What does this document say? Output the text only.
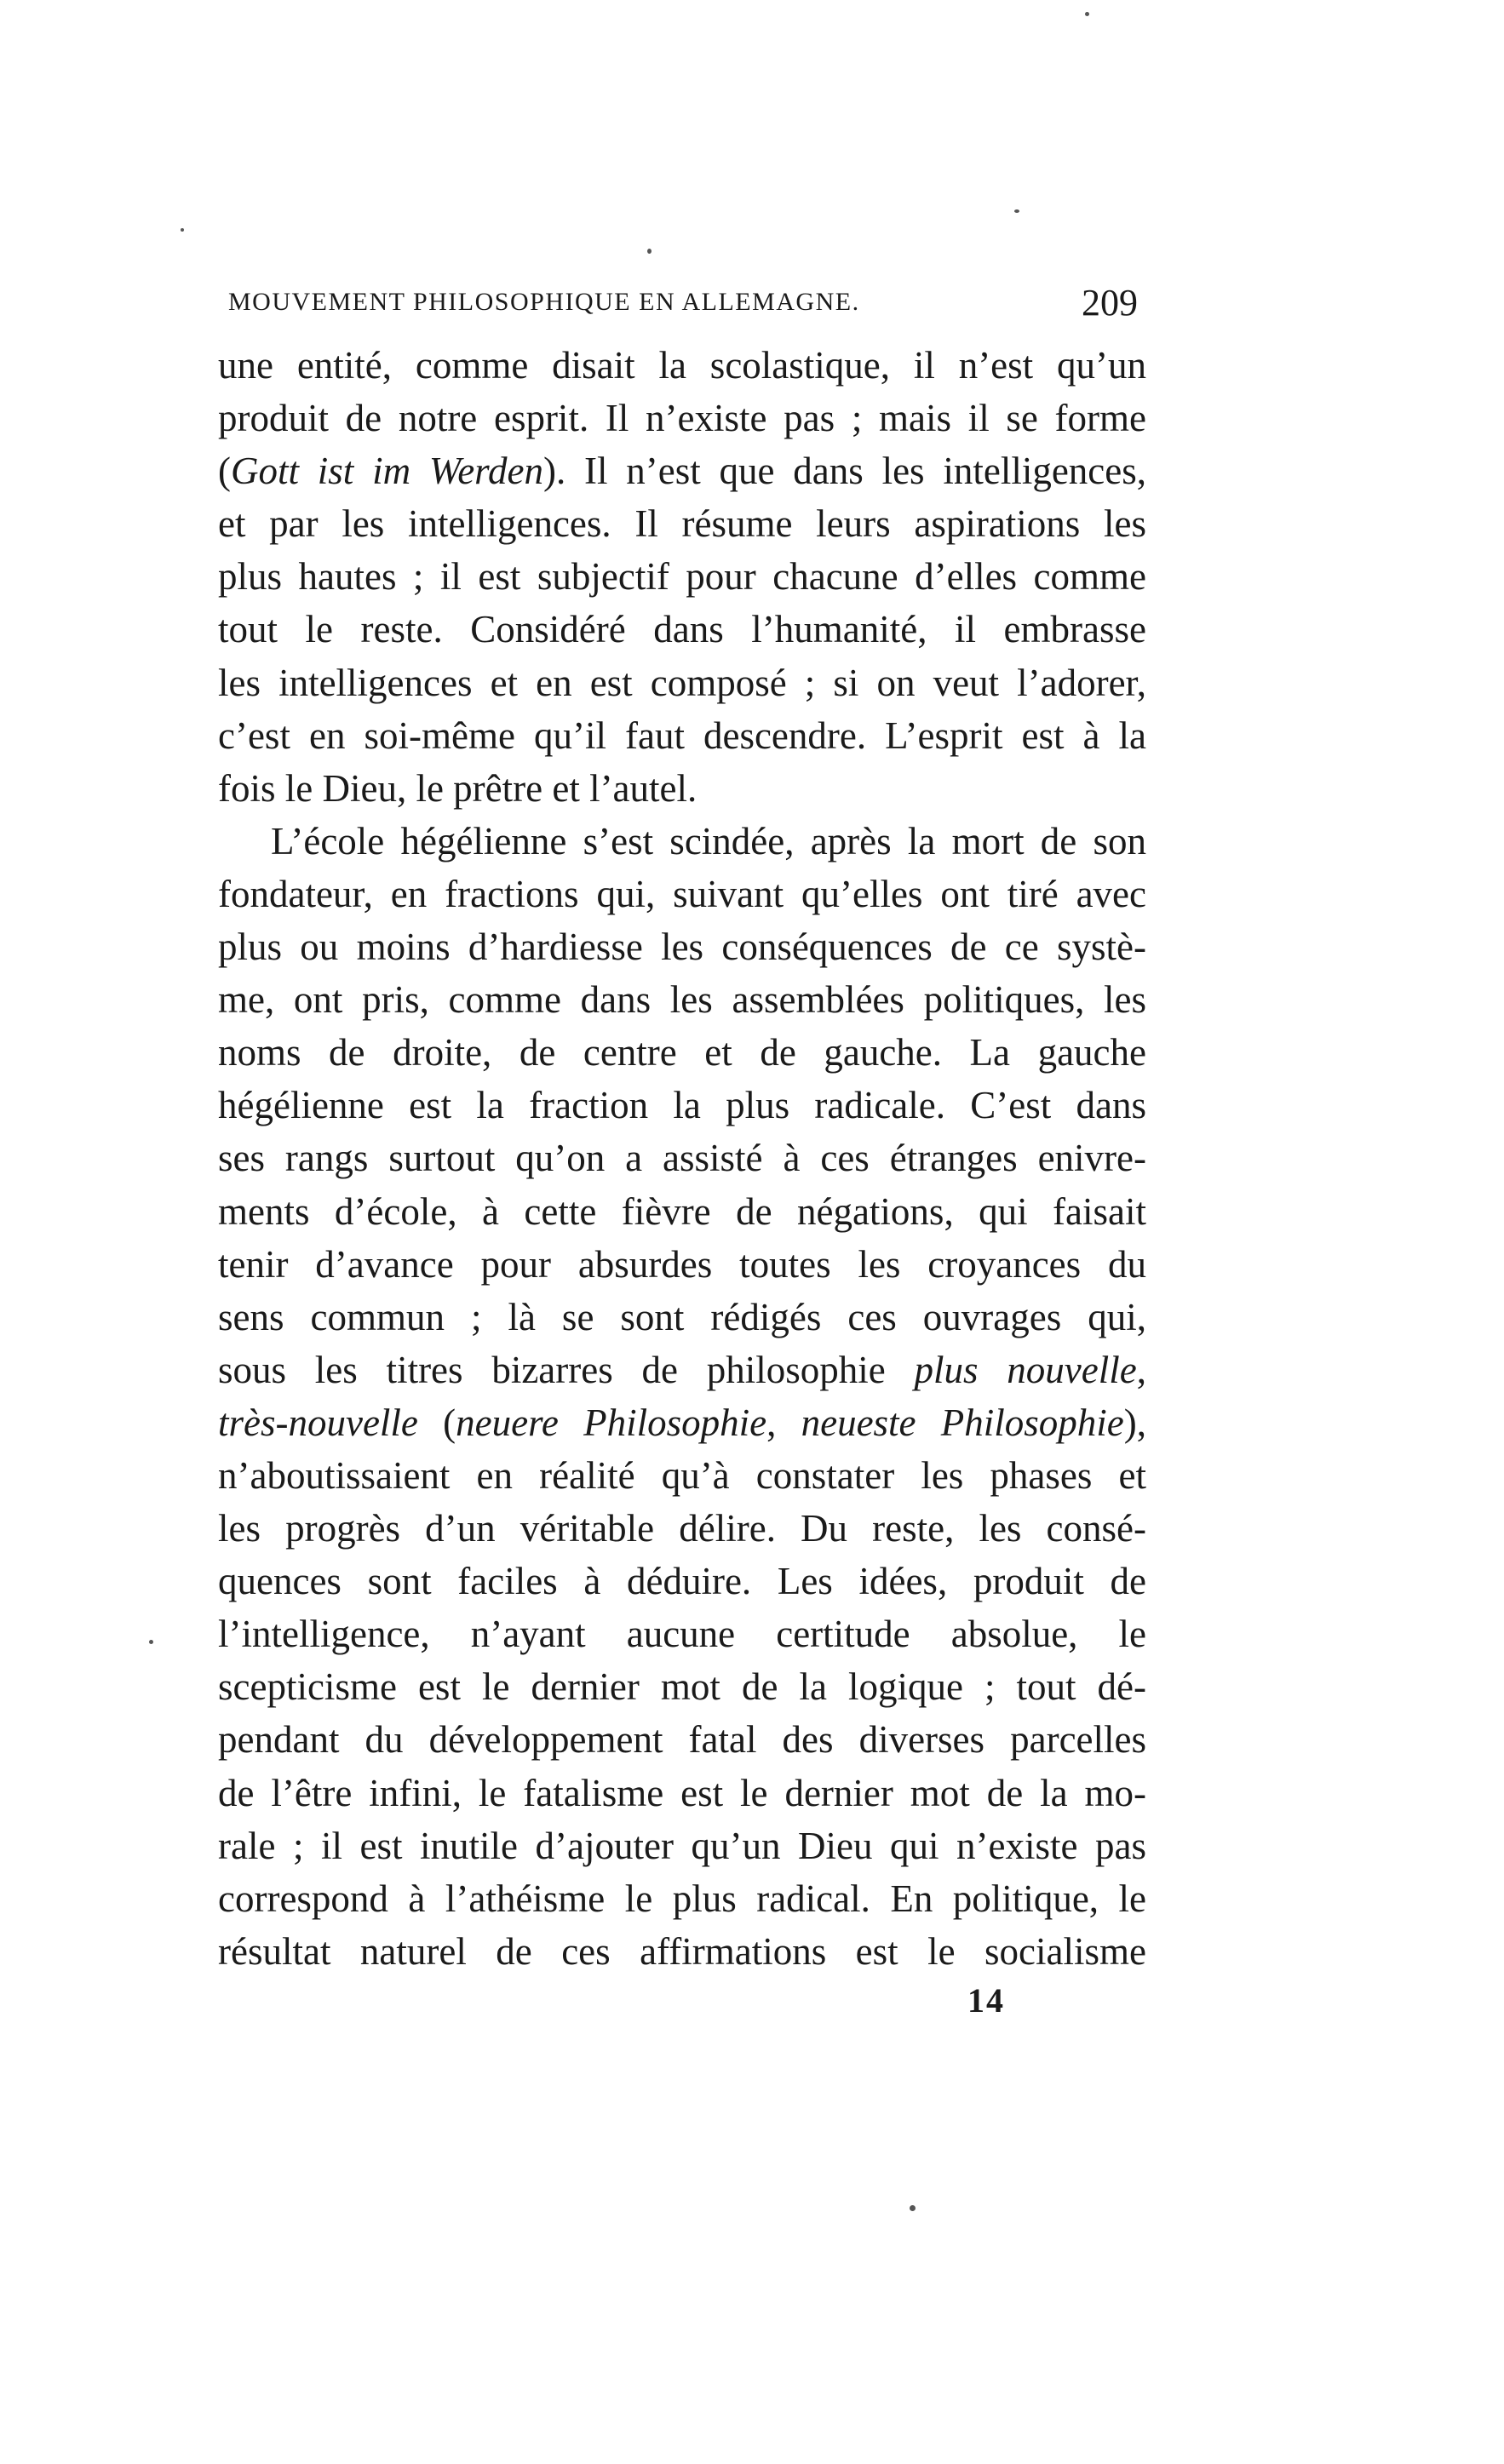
MOUVEMENT PHILOSOPHIQUE EN ALLEMAGNE.	209
une entité, comme disait la scolastique, il n’est qu’un
produit de notre esprit. Il n’existe pas ; mais il se forme
(Gott ist im Werden). Il n’est que dans les intelligences,
et par les intelligences. Il résume leurs aspirations les
plus hautes ; il est subjectif pour chacune d’elles comme
tout le reste. Considéré dans l’humanité, il embrasse
les intelligences et en est composé ; si on veut l’adorer,
c’est en soi-même qu’il faut descendre. L’esprit est à la
fois le Dieu, le prêtre et l’autel.
L’école hégélienne s’est scindée, après la mort de son
fondateur, en fractions qui, suivant qu’elles ont tiré avec
plus ou moins d’hardiesse les conséquences de ce systè-
me, ont pris, comme dans les assemblées politiques, les
noms de droite, de centre et de gauche. La gauche
hégélienne est la fraction la plus radicale. C’est dans
ses rangs surtout qu’on a assisté à ces étranges enivre-
ments d’école, à cette fièvre de négations, qui faisait
tenir d’avance pour absurdes toutes les croyances du
sens commun ; là se sont rédigés ces ouvrages qui,
sous les titres bizarres de philosophie plus nouvelle,
très-nouvelle (neuere Philosophie, neueste Philosophie),
n’aboutissaient en réalité qu’à constater les phases et
les progrès d’un véritable délire. Du reste, les consé-
quences sont faciles à déduire. Les idées, produit de
l’intelligence, n’ayant aucune certitude absolue, le
scepticisme est le dernier mot de la logique ; tout dé-
pendant du développement fatal des diverses parcelles
de l’être infini, le fatalisme est le dernier mot de la mo-
rale ; il est inutile d’ajouter qu’un Dieu qui n’existe pas
correspond à l’athéisme le plus radical. En politique, le
résultat naturel de ces affirmations est le socialisme
14
